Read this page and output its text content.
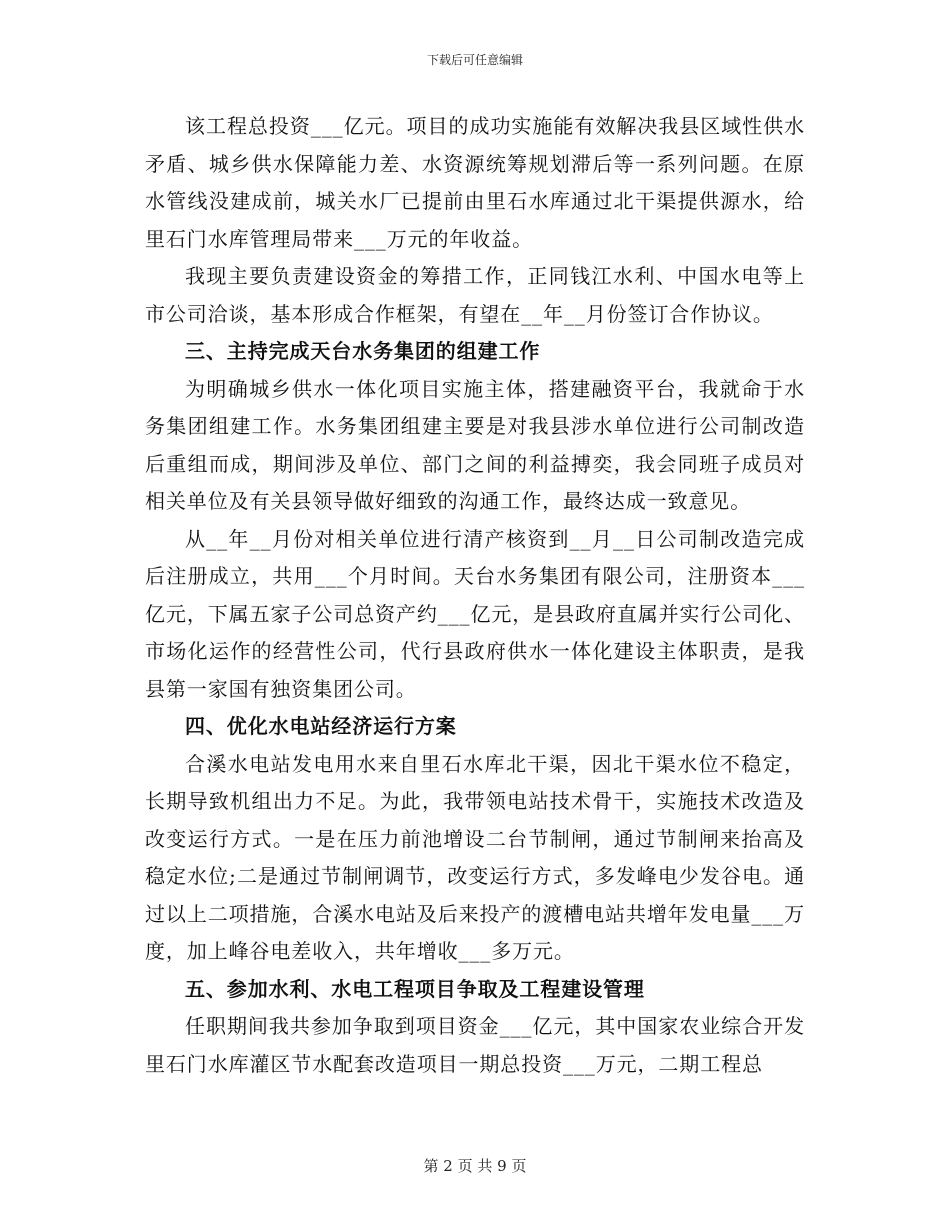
下载后可任意编辑

该工程总投资___亿元。项目的成功实施能有效解决我县区域性供水矛盾、城乡供水保障能力差、水资源统筹规划滞后等一系列问题。在原水管线没建成前，城关水厂已提前由里石水库通过北干渠提供源水，给里石门水库管理局带来___万元的年收益。

我现主要负责建设资金的筹措工作，正同钱江水利、中国水电等上市公司洽谈，基本形成合作框架，有望在__年__月份签订合作协议。

三、主持完成天台水务集团的组建工作

为明确城乡供水一体化项目实施主体，搭建融资平台，我就命于水务集团组建工作。水务集团组建主要是对我县涉水单位进行公司制改造后重组而成，期间涉及单位、部门之间的利益搏奕，我会同班子成员对相关单位及有关县领导做好细致的沟通工作，最终达成一致意见。

从__年__月份对相关单位进行清产核资到__月__日公司制改造完成后注册成立，共用___个月时间。天台水务集团有限公司，注册资本___亿元，下属五家子公司总资产约___亿元，是县政府直属并实行公司化、市场化运作的经营性公司，代行县政府供水一体化建设主体职责，是我县第一家国有独资集团公司。

四、优化水电站经济运行方案

合溪水电站发电用水来自里石水库北干渠，因北干渠水位不稳定，长期导致机组出力不足。为此，我带领电站技术骨干，实施技术改造及改变运行方式。一是在压力前池增设二台节制闸，通过节制闸来抬高及稳定水位;二是通过节制闸调节，改变运行方式，多发峰电少发谷电。通过以上二项措施，合溪水电站及后来投产的渡槽电站共增年发电量___万度，加上峰谷电差收入，共年增收___多万元。

五、参加水利、水电工程项目争取及工程建设管理

任职期间我共参加争取到项目资金___亿元，其中国家农业综合开发里石门水库灌区节水配套改造项目一期总投资___万元，二期工程总

第 2 页 共 9 页
